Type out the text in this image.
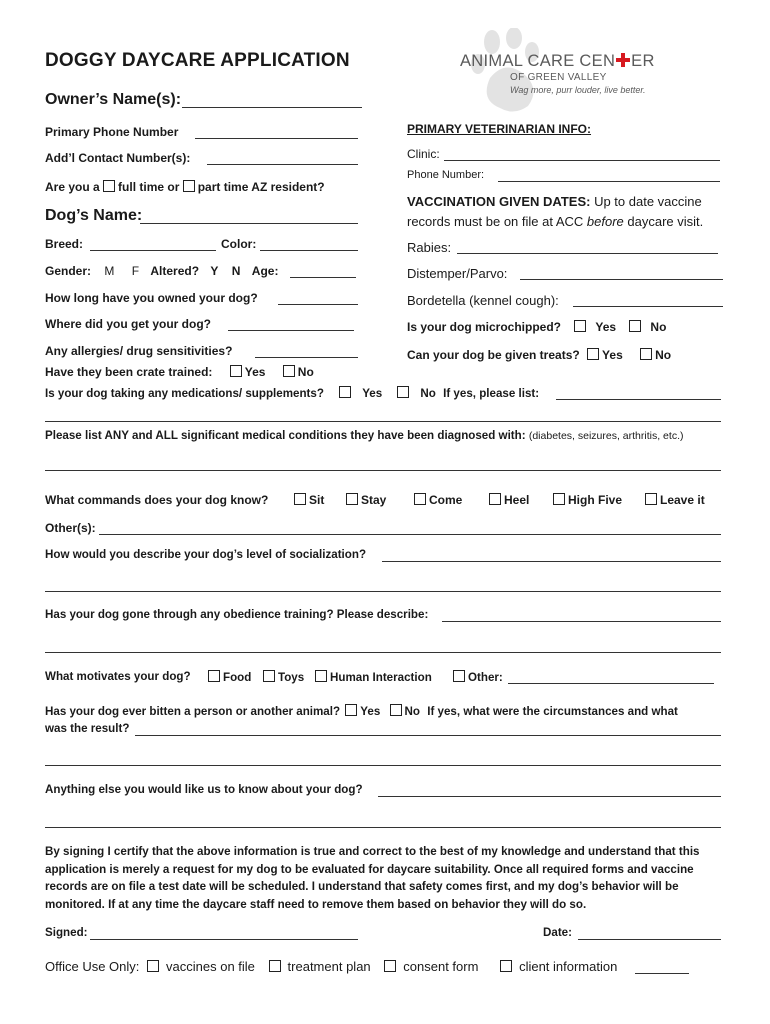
DOGGY DAYCARE APPLICATION
Owner’s Name(s):
ANIMAL CARE CEN ER
OF GREEN VALLEY
Wag more, purr louder, live better.
Primary Phone Number
Add’l Contact Number(s):
Are you a full time or part time AZ resident?
Dog’s Name:
Breed:	Color:
Gender: M F Altered? Y N Age:
How long have you owned your dog?
Where did you get your dog?
Any allergies/ drug sensitivities?
Have they been crate trained:	Yes	No
PRIMARY VETERINARIAN INFO:
Clinic:
Phone Number:
VACCINATION GIVEN DATES: Up to date vaccine
records must be on file at ACC before daycare visit.
Rabies:
Distemper/Parvo:
Bordetella (kennel cough):
Is your dog microchipped?	Yes	No
Can your dog be given treats? Yes	No
Is your dog taking any medications/ supplements?	Yes	No If yes, please list:
Please list ANY and ALL significant medical conditions they have been diagnosed with: (diabetes, seizures, arthritis, etc.)
What commands does your dog know?	Sit	Stay	Come	Heel	High Five	Leave it
Other(s):
How would you describe your dog’s level of socialization?
Has your dog gone through any obedience training? Please describe:
What motivates your dog?	Food	Toys	Human Interaction	Other:
Has your dog ever bitten a person or another animal? Yes No If yes, what were the circumstances and what
was the result?
Anything else you would like us to know about your dog?
By signing I certify that the above information is true and correct to the best of my knowledge and understand that this application is merely a request for my dog to be evaluated for daycare suitability. Once all required forms and vaccine records are on file a test date will be scheduled. I understand that safety comes first, and my dog’s behavior will be monitored. If at any time the daycare staff need to remove them based on behavior they will do so.
Signed:	Date:
Office Use Only: vaccines on file	treatment plan	consent form	client information
